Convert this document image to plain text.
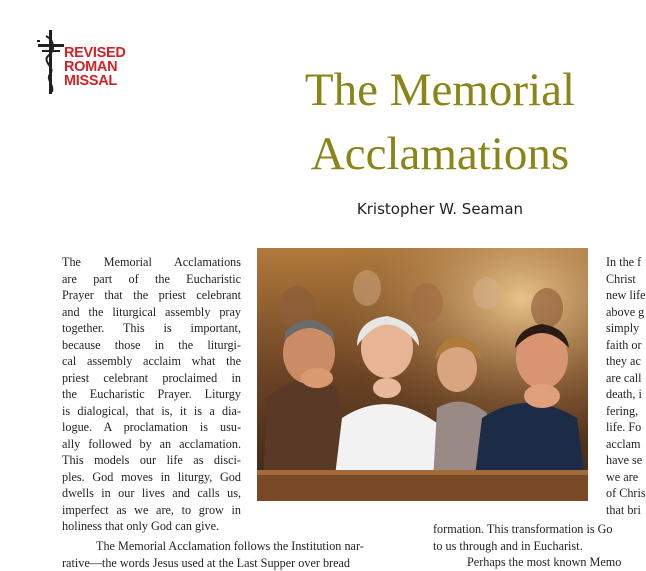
REVISED
ROMAN
MISSAL	The Memorial
Acclamations
Kristopher W. Seaman
The Memorial Acclamations
are part of the Eucharistic
Prayer that the priest celebrant
and the liturgical assembly pray
together. This is important,
because those in the liturgi-
cal assembly acclaim what the
priest celebrant proclaimed in
the Eucharistic Prayer. Liturgy
is dialogical, that is, it is a dia-
logue. A proclamation is usu-
ally followed by an acclamation.
This models our life as disci-
ples. God moves in liturgy, God
dwells in our lives and calls us,
imperfect as we are, to grow in
holiness that only God can give.
The Memorial Acclamation follows the Institution nar-
rative—the words Jesus used at the Last Supper over bread
In the f
Christ
new life
above g
simply
faith or
they ac
are call
death, i
fering,
life. Fo
acclam
have se
we are
of Chris
that bri
formation. This transformation is Go
to us through and in Eucharist.
Perhaps the most known Memo
